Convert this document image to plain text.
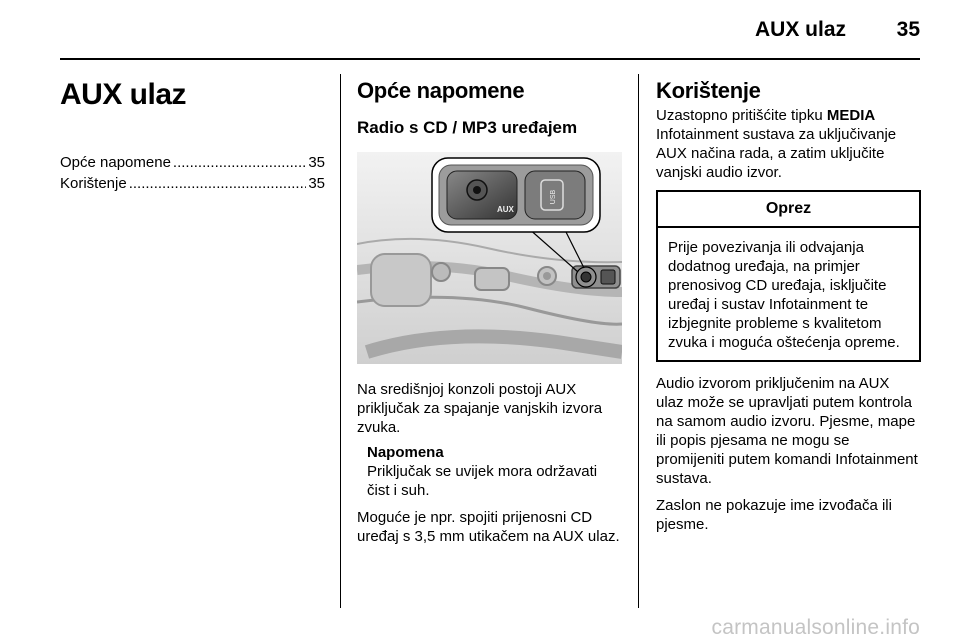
AUX ulaz 35
AUX ulaz
Opće napomene .....	35
Korištenje .....	35
Opće napomene
Radio s CD / MP3 uređajem
AUX
USB

Na središnjoj konzoli postoji AUX priključak za spajanje vanjskih izvora zvuka.

Napomena
Priključak se uvijek mora održavati čist i suh.

Moguće je npr. spojiti prijenosni CD uređaj s 3,5 mm utikačem na AUX ulaz.

Korištenje

Uzastopno pritišćite tipku MEDIA Infotainment sustava za uključivanje AUX načina rada, a zatim uključite vanjski audio izvor.

Oprez
Prije povezivanja ili odvajanja dodatnog uređaja, na primjer prenosivog CD uređaja, isključite uređaj i sustav Infotainment te izbjegnite probleme s kvalitetom zvuka i moguća oštećenja opreme.

Audio izvorom priključenim na AUX ulaz može se upravljati putem kontrola na samom audio izvoru. Pjesme, mape ili popis pjesama ne mogu se promijeniti putem komandi Infotainment sustava.

Zaslon ne pokazuje ime izvođača ili pjesme.

carmanualsonline.info
